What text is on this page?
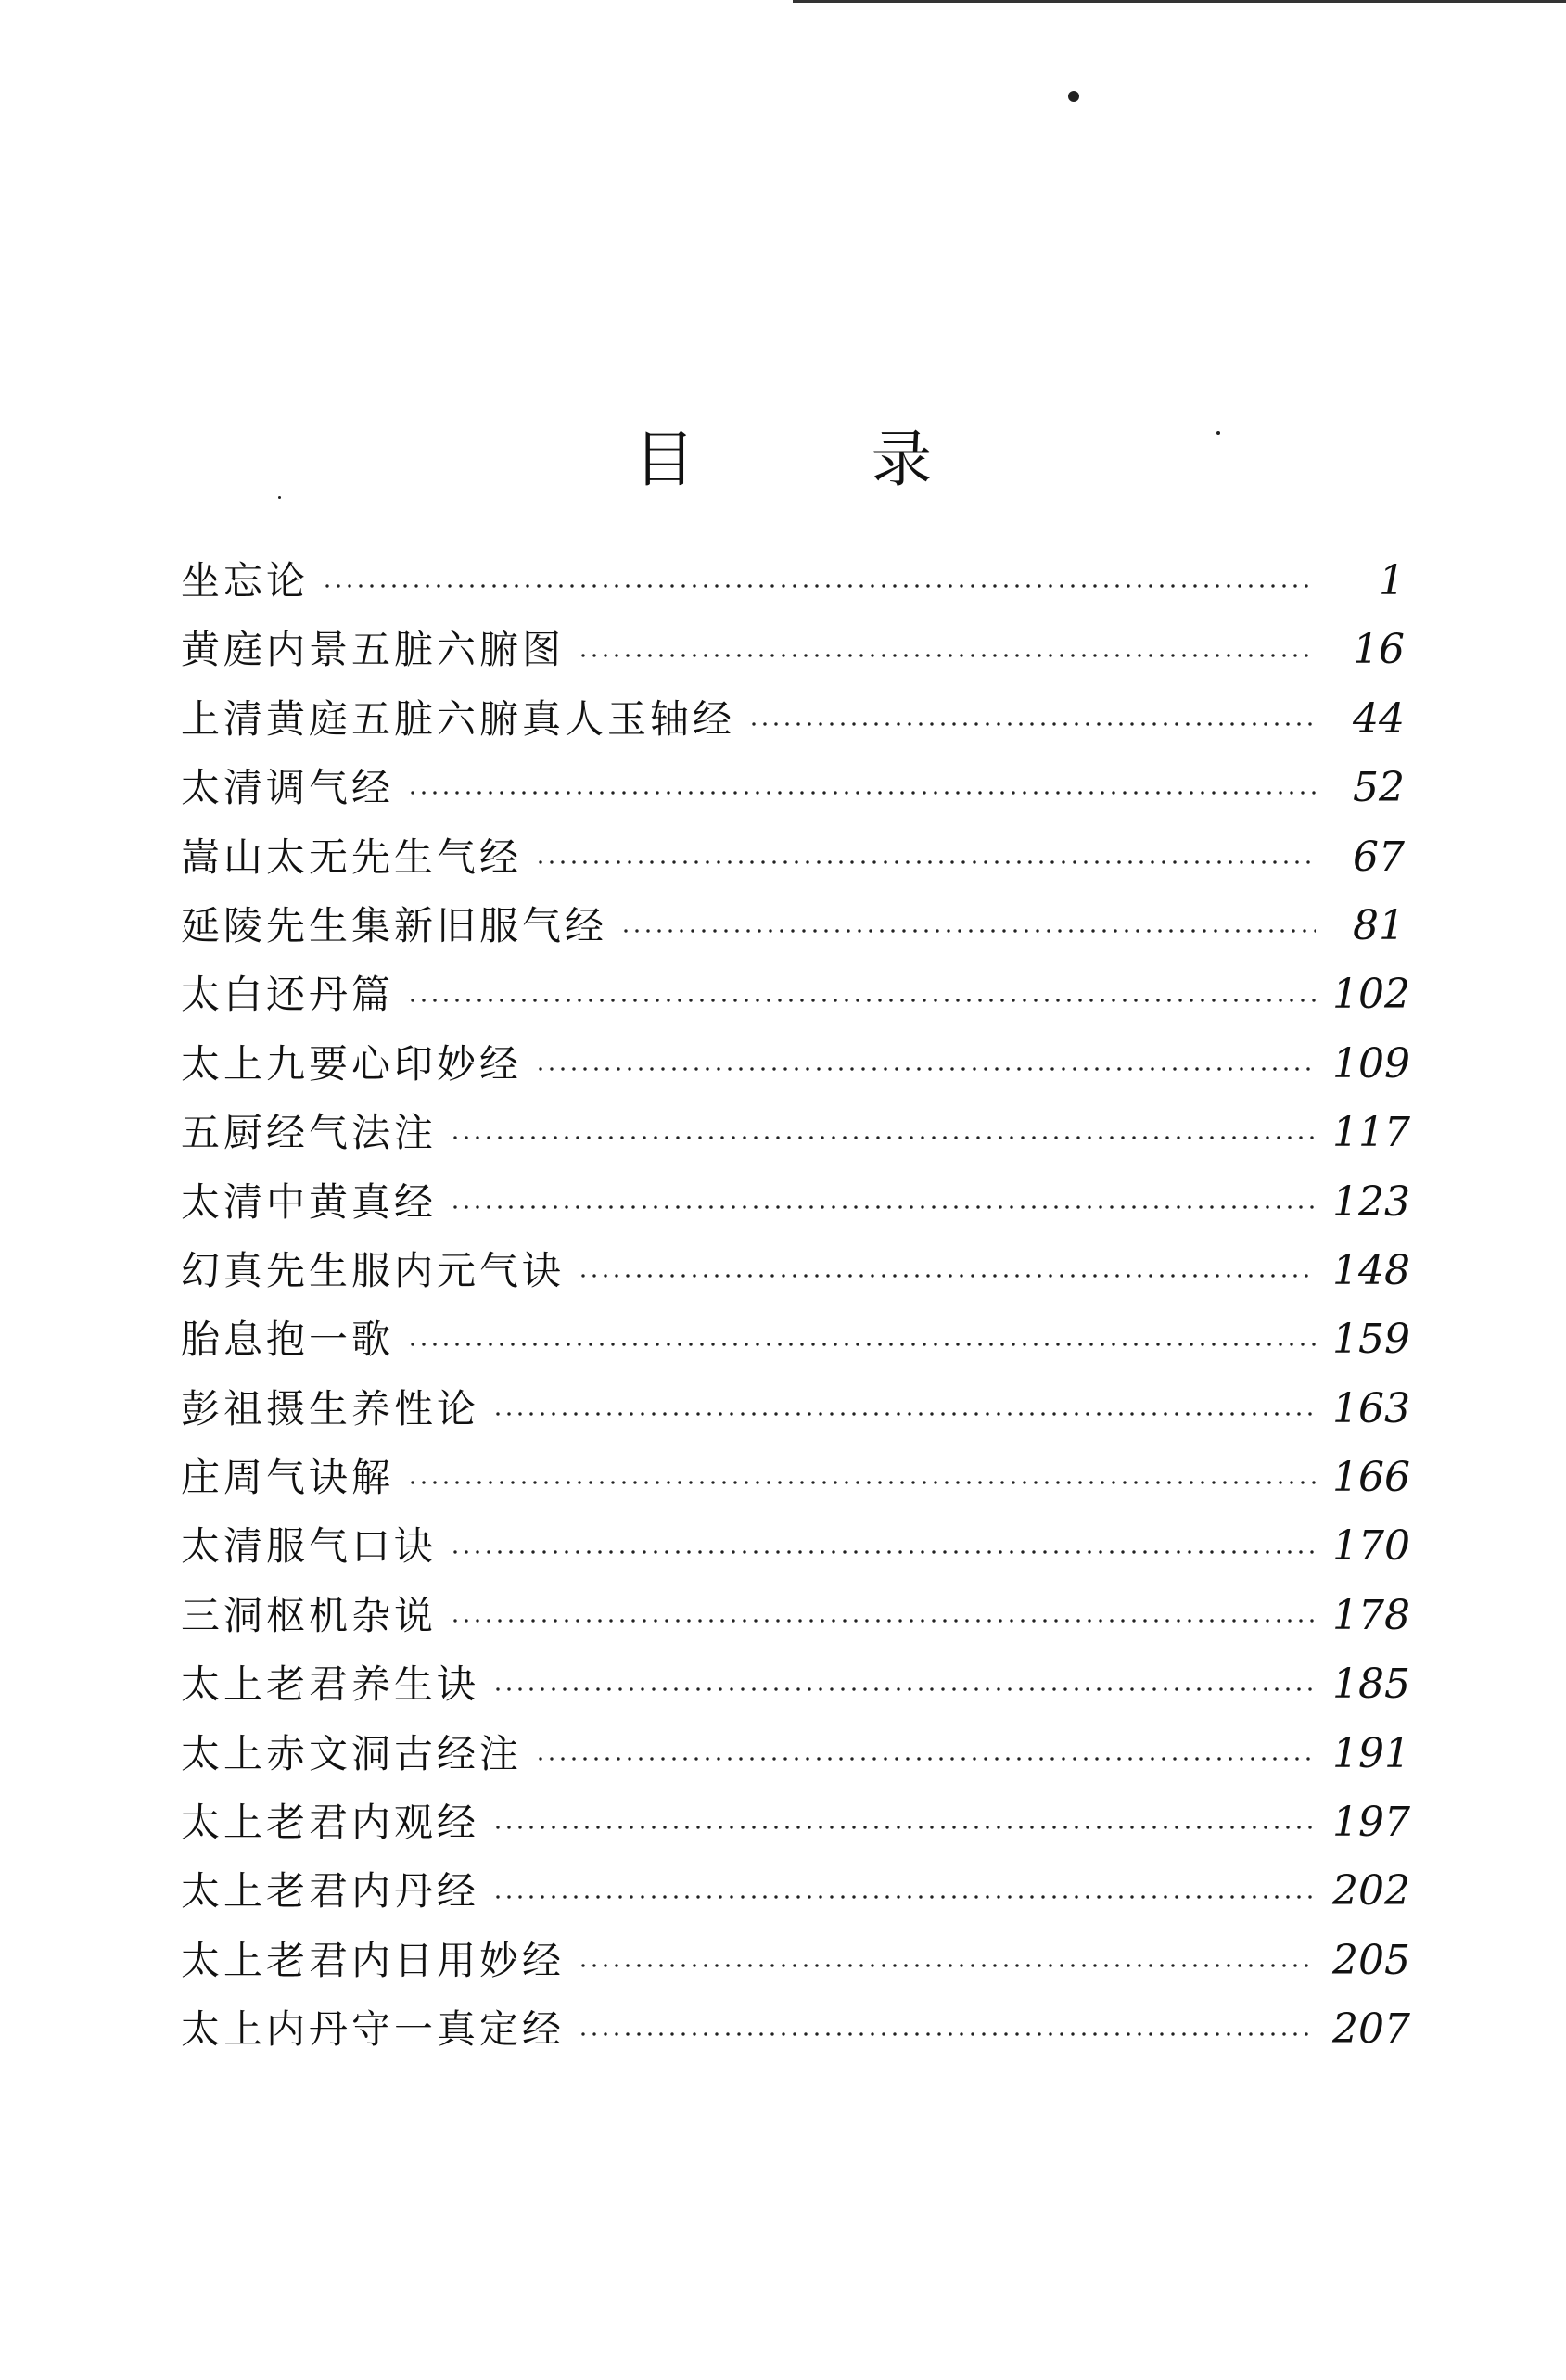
目	录
坐忘论	1
黄庭内景五脏六腑图	16
上清黄庭五脏六腑真人玉轴经	44
太清调气经	52
嵩山太无先生气经	67
延陵先生集新旧服气经	81
太白还丹篇	102
太上九要心印妙经	109
五厨经气法注	117
太清中黄真经	123
幻真先生服内元气诀	148
胎息抱一歌	159
彭祖摄生养性论	163
庄周气诀解	166
太清服气口诀	170
三洞枢机杂说	178
太上老君养生诀	185
太上赤文洞古经注	191
太上老君内观经	197
太上老君内丹经	202
太上老君内日用妙经	205
太上内丹守一真定经	207
